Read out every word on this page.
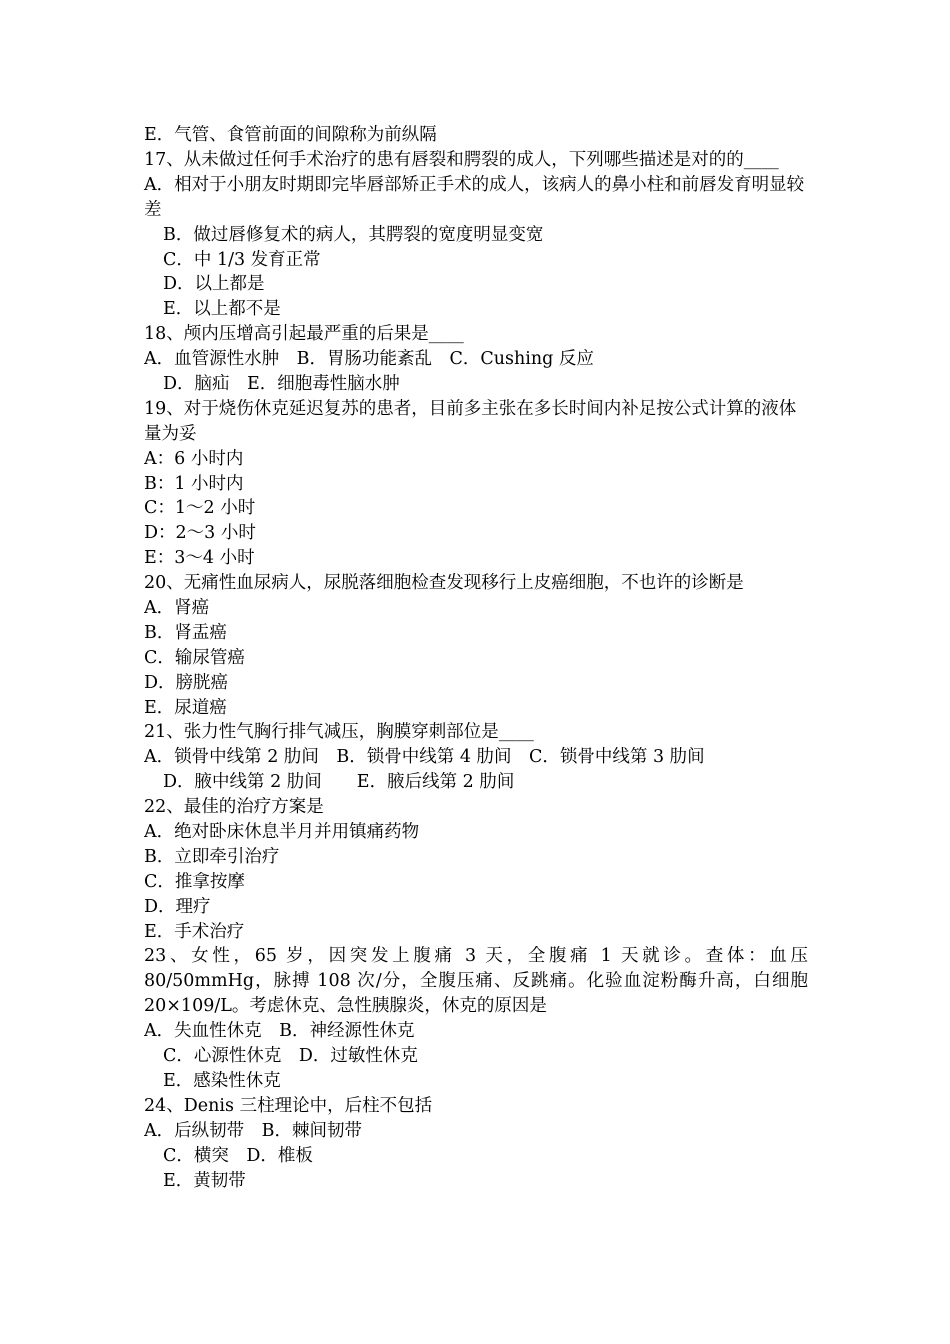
E．气管、食管前面的间隙称为前纵隔
17、从未做过任何手术治疗的患有唇裂和腭裂的成人，下列哪些描述是对的的____
A．相对于小朋友时期即完毕唇部矫正手术的成人，该病人的鼻小柱和前唇发育明显较差
B．做过唇修复术的病人，其腭裂的宽度明显变宽
C．中 1/3 发育正常
D．以上都是
E．以上都不是
18、颅内压增高引起最严重的后果是____
A．血管源性水肿　B．胃肠功能紊乱　C．Cushing 反应
D．脑疝　E．细胞毒性脑水肿
19、对于烧伤休克延迟复苏的患者，目前多主张在多长时间内补足按公式计算的液体量为妥
A：6 小时内
B：1 小时内
C：1～2 小时
D：2～3 小时
E：3～4 小时
20、无痛性血尿病人，尿脱落细胞检查发现移行上皮癌细胞，不也许的诊断是
A．肾癌
B．肾盂癌
C．输尿管癌
D．膀胱癌
E．尿道癌
21、张力性气胸行排气减压，胸膜穿刺部位是____
A．锁骨中线第 2 肋间　B．锁骨中线第 4 肋间　C．锁骨中线第 3 肋间
D．腋中线第 2 肋间　　E．腋后线第 2 肋间
22、最佳的治疗方案是
A．绝对卧床休息半月并用镇痛药物
B．立即牵引治疗
C．推拿按摩
D．理疗
E．手术治疗
23、女性，65 岁，因突发上腹痛 3 天，全腹痛 1 天就诊。查体：血压 80/50mmHg，脉搏 108 次/分，全腹压痛、反跳痛。化验血淀粉酶升高，白细胞 20×109/L。考虑休克、急性胰腺炎，休克的原因是
A．失血性休克　B．神经源性休克
C．心源性休克　D．过敏性休克
E．感染性休克
24、Denis 三柱理论中，后柱不包括
A．后纵韧带　B．棘间韧带
C．横突　D．椎板
E．黄韧带
